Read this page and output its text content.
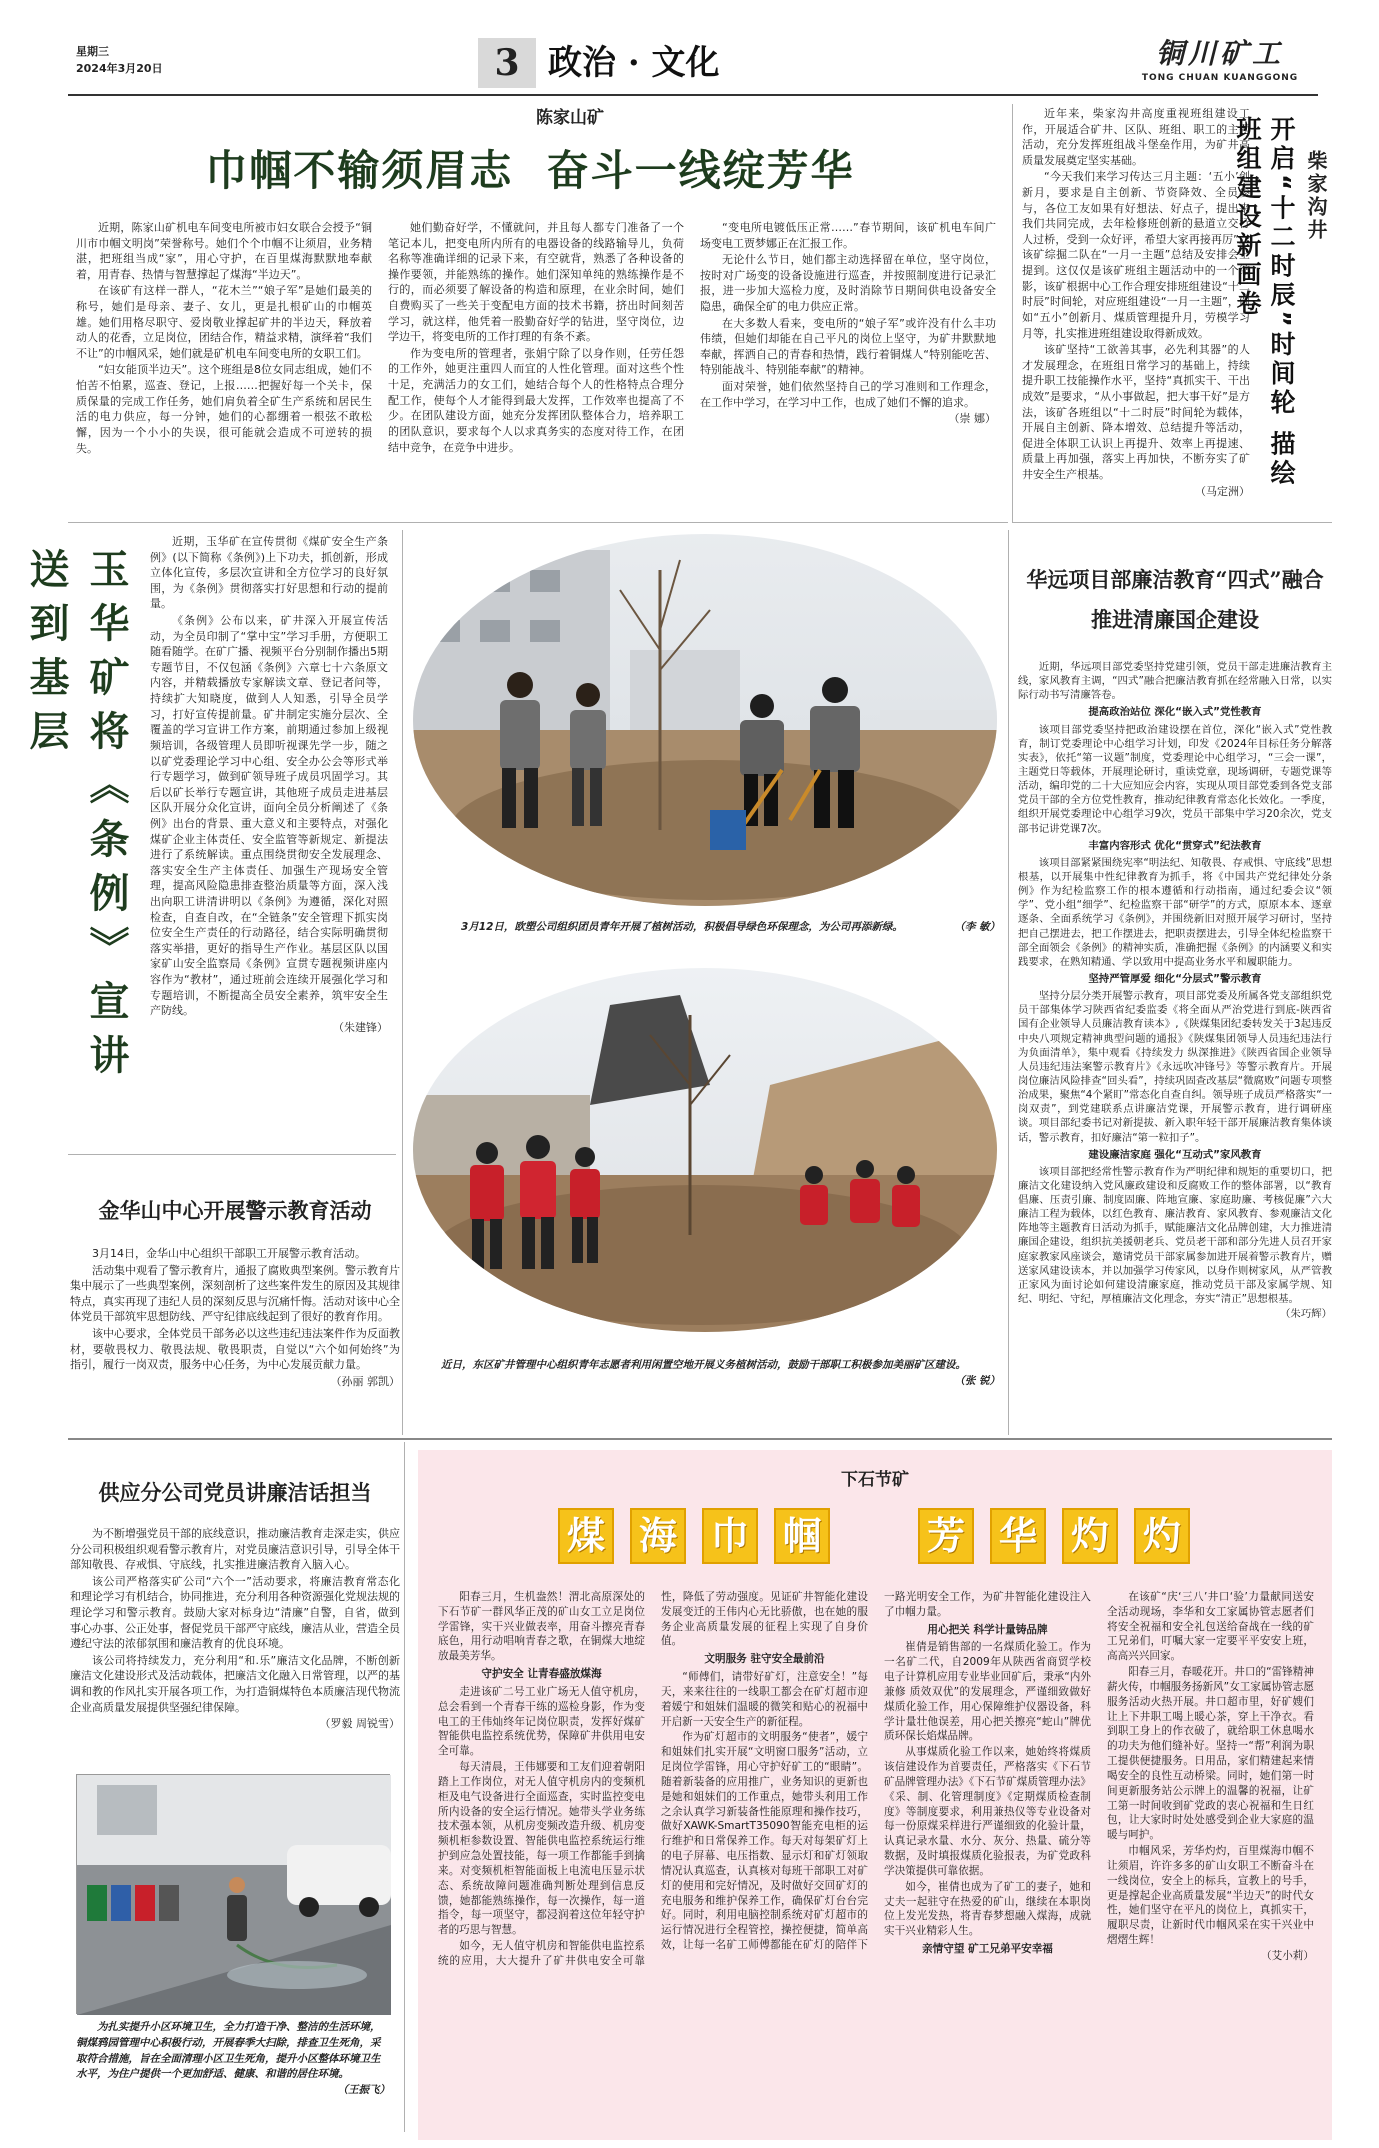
星期三
2024年3月20日	3 政治 · 文化	铜川矿工
TONG CHUAN KUANGGONG
陈家山矿
巾帼不输须眉志  奋斗一线绽芳华

近期，陈家山矿机电车间变电所被市妇女联合会授予“铜川市巾帼文明岗”荣誉称号。她们个个巾帼不让须眉，业务精湛，把班组当成“家”，用心守护，在百里煤海默默地奉献着，用青春、热情与智慧撑起了煤海“半边天”。

在该矿有这样一群人，“花木兰”“娘子军”是她们最美的称号，她们是母亲、妻子、女儿，更是扎根矿山的巾帼英雄。她们用格尽职守、爱岗敬业撑起矿井的半边天，释放着动人的花香，立足岗位，团结合作，精益求精，演绎着“我们不让”的巾帼风采，她们就是矿机电车间变电所的女职工们。

“妇女能顶半边天”。这个班组是8位女同志组成，她们不怕苦不怕累，巡查、登记，上报……把握好每一个关卡，保质保量的完成工作任务，她们肩负着全矿生产系统和居民生活的电力供应，每一分钟，她们的心都绷着一根弦不敢松懈，因为一个小小的失误，很可能就会造成不可逆转的损失。

她们勤奋好学，不懂就问，并且每人都专门准备了一个笔记本儿，把变电所内所有的电器设备的线路输导儿，负荷名称等准确详细的记录下来，有空就背，熟悉了各种设备的操作要领，并能熟练的操作。她们深知单纯的熟练操作是不行的，而必须要了解设备的构造和原理，在业余时间，她们自费购买了一些关于变配电方面的技术书籍，挤出时间刻苦学习，就这样，他凭着一股勤奋好学的钻进，坚守岗位，边学边干，将变电所的工作打理的有条不紊。

作为变电所的管理者，张娟宁除了以身作则，任劳任怨的工作外，她更注重四人而宜的人性化管理。面对这些个性十足，充满活力的女工们，她结合每个人的性格特点合理分配工作，使每个人才能得到最大发挥，工作效率也提高了不少。在团队建设方面，她充分发挥团队整体合力，培养职工的团队意识，要求每个人以求真务实的态度对待工作，在团结中竞争，在竞争中进步。

“变电所电镀低压正常……”春节期间，该矿机电车间广场变电工贾梦娜正在汇报工作。

无论什么节日，她们都主动选择留在单位，坚守岗位，按时对广场变的设备设施进行巡查，并按照制度进行记录汇报，进一步加大巡检力度，及时消除节日期间供电设备安全隐患，确保全矿的电力供应正常。

在大多数人看来，变电所的“娘子军”或许没有什么丰功伟绩，但她们却能在自己平凡的岗位上坚守，为矿井默默地奉献，挥洒自己的青春和热情，践行着铜煤人“特别能吃苦、特别能战斗、特别能奉献”的精神。

面对荣誉，她们依然坚持自己的学习准则和工作理念，在工作中学习，在学习中工作，也成了她们不懈的追求。

（崇 娜）

近年来，柴家沟井高度重视班组建设工作，开展适合矿井、区队、班组、职工的主题活动，充分发挥班组战斗堡垒作用，为矿井高质量发展奠定坚实基础。

“今天我们来学习传达三月主题：‘五小’创新月，要求是自主创新、节资降效、全员参与，各位工友如果有好想法、好点子，提出来我们共同完成，去年检修班创新的悬道立交行人过桥，受到一众好评，希望大家再接再厉”。该矿综掘二队在“一月一主题”总结及安排会上提到。这仅仅是该矿班组主题活动中的一个缩影，该矿根据中心工作合理安排班组建设“十二时辰”时间轮，对应班组建设“一月一主题”，例如“五小”创新月、煤质管理提升月，劳模学习月等，扎实推进班组建设取得新成效。

该矿坚持“工欲善其事，必先利其器”的人才发展理念，在班组日常学习的基础上，持续提升职工技能操作水平，坚持“真抓实干、干出成效”是要求，“从小事做起，把大事干好”是方法，该矿各班组以“十二时辰”时间轮为载体，开展自主创新、降本增效、总结提升等活动，促进全体职工认识上再提升、效率上再提速、质量上再加强，落实上再加快，不断夯实了矿井安全生产根基。

（马定洲）
开启“十二时辰”时间轮 描绘班组建设新画卷	柴家沟井
玉华矿将《条例》宣讲送到基层

近期，玉华矿在宣传贯彻《煤矿安全生产条例》(以下简称《条例》)上下功夫，抓创新，形成立体化宣传，多层次宣讲和全方位学习的良好氛围，为《条例》贯彻落实打好思想和行动的提前量。

《条例》公布以来，矿井深入开展宣传活动，为全员印制了“掌中宝”学习手册，方便职工随看随学。在矿广播、视频平台分别制作播出5期专题节目，不仅包涵《条例》六章七十六条原文内容，并精载播放专家解读文章、登记者问等，持续扩大知晓度，做到人人知悉，引导全员学习，打好宣传提前量。矿井制定实施分层次、全覆盖的学习宣讲工作方案，前期通过参加上级视频培训，各级管理人员即听视课先学一步，随之以矿党委理论学习中心组、安全办公会等形式举行专题学习，做到矿领导班子成员巩固学习。其后以矿长举行专题宣讲，其他班子成员走进基层区队开展分众化宣讲，面向全员分析阐述了《条例》出台的背景、重大意义和主要特点，对强化煤矿企业主体责任、安全监管等新规定、新提法进行了系统解读。重点围绕贯彻安全发展理念、落实安全生产主体责任、加强生产现场安全管理，提高风险隐患排查整治质量等方面，深入浅出向职工讲清讲明以《条例》为遵循，深化对照检查，自查自改，在“全链条”安全管理下抓实岗位安全生产责任的行动路径，结合实际明确贯彻落实举措，更好的指导生产作业。基层区队以国家矿山安全监察局《条例》宣贯专题视频讲座内容作为“教材”，通过班前会连续开展强化学习和专题培训，不断提高全员安全素养，筑牢安全生产防线。

（朱建锋）
3月12日，欧塑公司组织团员青年开展了植树活动，积极倡导绿色环保理念，为公司再添新绿。	（李 敏）
近日，东区矿井管理中心组织青年志愿者利用闲置空地开展义务植树活动，鼓励干部职工积极参加美丽矿区建设。
（张 锐）
金华山中心开展警示教育活动

3月14日，金华山中心组织干部职工开展警示教育活动。

活动集中观看了警示教育片，通报了腐败典型案例。警示教育片集中展示了一些典型案例，深刻剖析了这些案件发生的原因及其规律特点，真实再现了违纪人员的深刻反思与沉痛忏悔。活动对该中心全体党员干部筑牢思想防线、严守纪律底线起到了很好的教育作用。

该中心要求，全体党员干部务必以这些违纪违法案件作为反面教材，要敬畏权力、敬畏法规、敬畏职责，自觉以“六个如何始终”为指引，履行一岗双责，服务中心任务，为中心发展贡献力量。

（孙丽 郭凯）
华远项目部廉洁教育“四式”融合推进清廉国企建设

近期，华远项目部党委坚持党建引领，党员干部走进廉洁教育主线，家风教育主调，“四式”融合把廉洁教育抓在经常融入日常，以实际行动书写清廉答卷。

提高政治站位 深化“嵌入式”党性教育

该项目部党委坚持把政治建设摆在首位，深化“嵌入式”党性教育，制订党委理论中心组学习计划，印发《2024年目标任务分解落实表》，依托“第一议题”制度，党委理论中心组学习，“三会一课”，主题党日等载体，开展理论研讨，重读党章，现场调研，专题党课等活动，编印党的二十大应知应会内容，实现从项目部党委到各党支部党员干部的全方位党性教育，推动纪律教育常态化长效化。一季度，组织开展党委理论中心组学习9次，党员干部集中学习20余次，党支部书记讲党课7次。

丰富内容形式 优化“贯穿式”纪法教育

该项目部紧紧围绕宪率“明法纪、知敬畏、存戒惧、守底线”思想根基，以开展集中性纪律教育为抓手，将《中国共产党纪律处分条例》作为纪检监察工作的根本遵循和行动指南，通过纪委会议“领学”、党小组“细学”、纪检监察干部“研学”的方式，原原本本、逐章逐条、全面系统学习《条例》，并围绕新旧对照开展学习研讨，坚持把自己摆进去，把工作摆进去，把职责摆进去，引导全体纪检监察干部全面领会《条例》的精神实质，准确把握《条例》的内涵要义和实践要求，在熟知精通、学以致用中提高业务水平和履职能力。

坚持严管厚爱 细化“分层式”警示教育

坚持分层分类开展警示教育，项目部党委及所属各党支部组织党员干部集体学习陕西省纪委监委《将全面从严治党进行到底-陕西省国有企业领导人员廉洁教育读本》,《陕煤集团纪委转发关于3起违反中央八项规定精神典型问题的通报》《陕煤集团领导人员违纪违法行为负面清单》，集中观看《持续发力 纵深推进》《陕西省国企业领导人员违纪违法案警示教育片》《永远吹冲锋号》等警示教育片。开展岗位廉洁风险排查“回头看”，持续巩固查改基层“微腐败”问题专项整治成果，聚焦“4个紧盯”常态化自查自纠。领导班子成员严格落实“一岗双责”，到党建联系点讲廉洁党课，开展警示教育，进行调研座谈。项目部纪委书记对新提拔、新入职年轻干部开展廉洁教育集体谈话，警示教育，扣好廉洁“第一粒扣子”。

建设廉洁家庭 强化“互动式”家风教育

该项目部把经常性警示教育作为严明纪律和规矩的重要切口，把廉洁文化建设纳入党风廉政建设和反腐败工作的整体部署，以“教育倡廉、压责引廉、制度固廉、阵地宣廉、家庭助廉、考核促廉”六大廉洁工程为载体，以红色教育、廉洁教育、家风教育、参观廉洁文化阵地等主题教育日活动为抓手，赋能廉洁文化品牌创建，大力推进清廉国企建设，组织抗美援朝老兵、党员老干部和部分先进人员召开家庭家教家风座谈会，邀请党员干部家属参加进开展着警示教育片，赠送家风建设读本，并以加强学习传家风，以身作则树家风，从严管教正家风为面讨论如何建设清廉家庭，推动党员干部及家属学规、知纪、明纪、守纪，厚植廉洁文化理念，夯实“清正”思想根基。

（朱巧辉）
供应分公司党员讲廉洁话担当

为不断增强党员干部的底线意识，推动廉洁教育走深走实，供应分公司积极组织观看警示教育片，对党员廉洁意识引导，引导全体干部知敬畏、存戒惧、守底线，扎实推进廉洁教育入脑入心。

该公司严格落实矿公司“六个一”活动要求，将廉洁教育常态化和理论学习有机结合，协同推进，充分利用各种资源强化党规法规的理论学习和警示教育。鼓励大家对标身边“清廉”自警，自省，做到事心办事、公正处事，督促党员干部严守底线，廉洁从业，营造全员遵纪守法的浓郁氛围和廉洁教育的优良环境。

该公司将持续发力，充分利用“和.乐”廉洁文化品牌，不断创新廉洁文化建设形式及活动载体，把廉洁文化融入日常管理，以严的基调和教的作风扎实开展各项工作，为打造铜煤特色本质廉洁现代物流企业高质量发展提供坚强纪律保障。

（罗毅 周锐雪）
为扎实提升小区环境卫生，全力打造干净、整洁的生活环境，铜煤鸦园管理中心积极行动，开展春季大扫除，排查卫生死角，采取符合措施，旨在全面清理小区卫生死角，提升小区整体环境卫生水平，为住户提供一个更加舒适、健康、和谐的居住环境。
（王振飞）
下石节矿
煤 海 巾 帼	芳 华 灼 灼

阳春三月，生机盎然！渭北高原深处的下石节矿一群风华正茂的矿山女工立足岗位学雷锋，实干兴业做表率，用奋斗擦亮青春底色，用行动唱响青春之歌，在铜煤大地绽放最美芳华。

守护安全 让青春盛放煤海

走进该矿二号工业广场无人值守机房，总会看到一个青春干练的巡检身影，作为变电工的王伟灿终年记岗位职责，发挥好煤矿智能供电监控系统优势，保障矿井供用电安全可靠。

每天清晨，王伟娜要和工友们迎着朝阳踏上工作岗位，对无人值守机房内的变频机柜及电气设备进行全面巡查，实时监控变电所内设备的安全运行情况。她带头学业务练技术强本领，从机房变频改造升级、机房变频机柜参数设置、智能供电监控系统运行维护到应急处置技能，每一项工作都能手到擒来。对变频机柜智能面板上电流电压显示状态、系统故障问题准确判断处理到信息反馈，她都能熟练操作，每一次操作，每一道指令，每一项坚守，都浸润着这位年轻守护者的巧思与智慧。

如今，无人值守机房和智能供电监控系统的应用，大大提升了矿井供电安全可靠性，降低了劳动强度。见证矿井智能化建设发展变迁的王伟内心无比骄傲，也在她的服务企业高质量发展的征程上实现了自身价值。

文明服务 驻守安全最前沿

“师傅们，请带好矿灯，注意安全！”每天，来来往往的一线职工都会在矿灯超市迎着媛宁和姐妹们温暖的微笑和贴心的祝福中开启新一天安全生产的新征程。

作为矿灯超市的文明服务“使者”，媛宁和姐妹们扎实开展“文明窗口服务”活动，立足岗位学雷锋，用心守护好矿工的“眼睛”。随着新装备的应用推广，业务知识的更新也是她和姐妹们的工作重点，她带头利用工作之余认真学习新装备性能原理和操作技巧，做好XAWK-SmartT35090智能充电柜的运行维护和日常保养工作。每天对每架矿灯上的电子屏幕、电压指数、显示灯和矿灯领取情况认真巡查，认真核对每班干部职工对矿灯的使用和完好情况，及时做好交回矿灯的充电服务和维护保养工作，确保矿灯台台完好。同时，利用电脑控制系统对矿灯超市的运行情况进行全程管控，操控便捷，简单高效，让每一名矿工师傅都能在矿灯的陪伴下一路光明安全工作，为矿井智能化建设注入了巾帼力量。

用心把关 科学计量铸品牌

崔倩是销售部的一名煤质化验工。作为一名矿二代，自2009年从陕西省商贸学校电子计算机应用专业毕业回矿后，秉承“内外兼修 质效双优”的发展理念，严谨细致做好煤质化验工作，用心保障维护仪器设备，科学计量壮他误差，用心把关擦亮“蛇山”牌优质环保长焰煤品牌。

从事煤质化验工作以来，她始终将煤质该信建设作为首要责任，严格落实《下石节矿品牌管理办法》《下石节矿煤质管理办法》《采、制、化管理制度》《定期煤质检查制度》等制度要求，利用兼热仪等专业设备对每一份原煤采样进行严谨细致的化验计量，认真记录水量、水分、灰分、热量、硫分等数据，及时填报煤质化验报表，为矿党政科学决策提供可靠依据。

如今，崔倩也成为了矿工的妻子，她和丈夫一起驻守在热爱的矿山，继续在本职岗位上发光发热，将青春梦想融入煤海，成就实干兴业精彩人生。

亲情守望 矿工兄弟平安幸福

在该矿“庆‘三八’井口‘验’力量献同送安全活动现场，李华和女工家属协管志愿者们将安全祝福和安全礼包送给奋战在一线的矿工兄弟们，叮嘱大家一定要平平安安上班，高高兴兴回家。

阳春三月，春暖花开。井口的“雷锋精神薪火传，巾帼服务扬新风”女工家属协管志愿服务活动火热开展。井口超市里，好矿嫂们让上下井职工喝上暖心茶，穿上干净衣。看到职工身上的作衣破了，就给职工休息喝水的功夫为他们缝补好。坚持一“帮”利润为职工提供便捷服务。日用品，家们精建起来情喝安全的良性互动桥梁。同时，她们第一时间更新服务站公示牌上的温馨的祝福，让矿工第一时间收到矿党政的衷心祝福和生日红包，让大家时时处处感受到企业大家庭的温暖与呵护。

巾帼风采，芳华灼灼，百里煤海巾帼不让须眉，许许多多的矿山女职工不断奋斗在一线岗位，安全上的标兵，宣教上的号手，更是撑起企业高质量发展“半边天”的时代女性，她们坚守在平凡的岗位上，真抓实干，履职尽责，让新时代巾帼风采在实干兴业中熠熠生辉！

（艾小莉）
